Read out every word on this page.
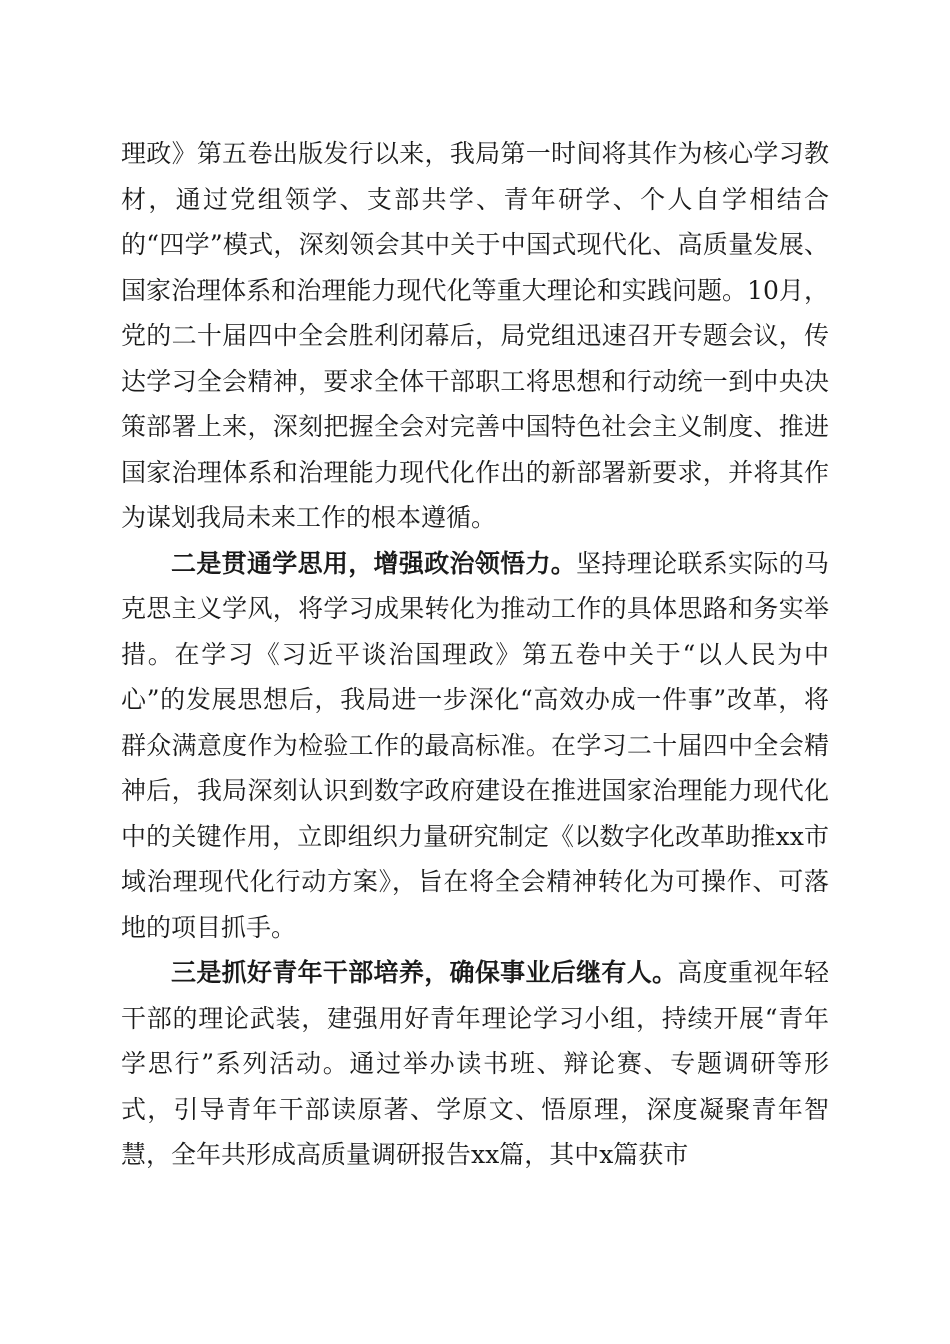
理政》第五卷出版发行以来，我局第一时间将其作为核心学习教材，通过党组领学、支部共学、青年研学、个人自学相结合的“四学”模式，深刻领会其中关于中国式现代化、高质量发展、国家治理体系和治理能力现代化等重大理论和实践问题。10月，党的二十届四中全会胜利闭幕后，局党组迅速召开专题会议，传达学习全会精神，要求全体干部职工将思想和行动统一到中央决策部署上来，深刻把握全会对完善中国特色社会主义制度、推进国家治理体系和治理能力现代化作出的新部署新要求，并将其作为谋划我局未来工作的根本遵循。

二是贯通学思用，增强政治领悟力。坚持理论联系实际的马克思主义学风，将学习成果转化为推动工作的具体思路和务实举措。在学习《习近平谈治国理政》第五卷中关于“以人民为中心”的发展思想后，我局进一步深化“高效办成一件事”改革，将群众满意度作为检验工作的最高标准。在学习二十届四中全会精神后，我局深刻认识到数字政府建设在推进国家治理能力现代化中的关键作用，立即组织力量研究制定《以数字化改革助推xx市域治理现代化行动方案》，旨在将全会精神转化为可操作、可落地的项目抓手。

三是抓好青年干部培养，确保事业后继有人。高度重视年轻干部的理论武装，建强用好青年理论学习小组，持续开展“青年学思行”系列活动。通过举办读书班、辩论赛、专题调研等形式，引导青年干部读原著、学原文、悟原理，深度凝聚青年智慧，全年共形成高质量调研报告xx篇，其中x篇获市
